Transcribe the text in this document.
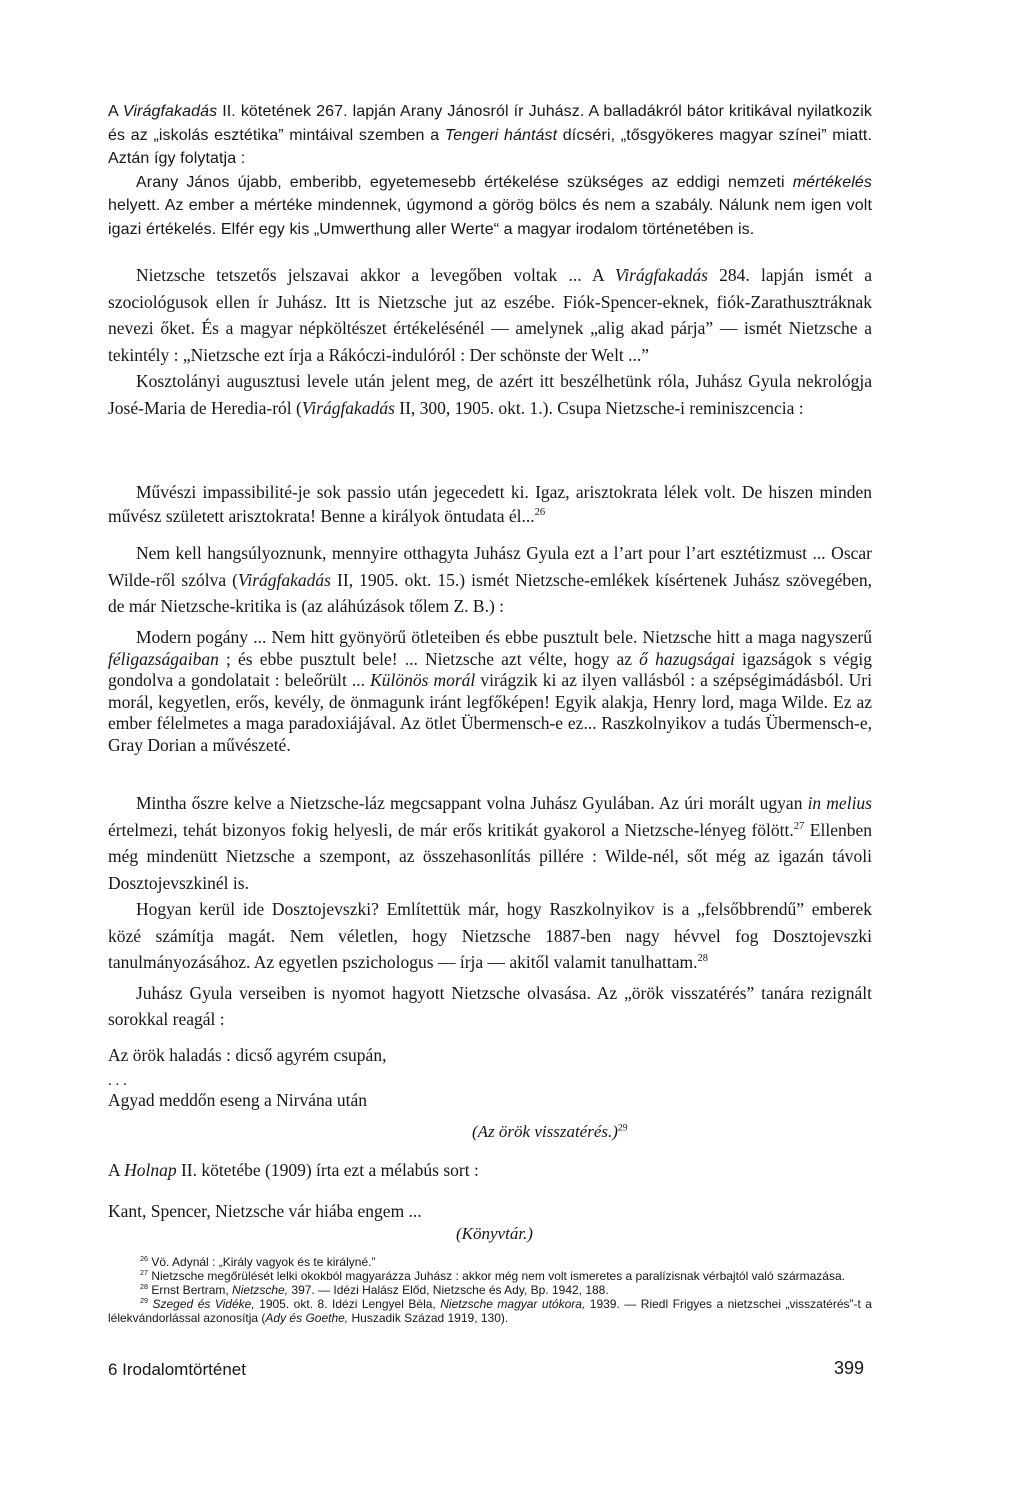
A Virágfakadás II. kötetének 267. lapján Arany Jánosról ír Juhász. A balladákról bátor kritikával nyilatkozik és az „iskolás esztétika” mintáival szemben a Tengeri hántást dícséri, „tősgyökeres magyar színei” miatt. Aztán így folytatja :

Arany János újabb, emberibb, egyetemesebb értékelése szükséges az eddigi nemzeti mértékelés helyett. Az ember a mértéke mindennek, úgymond a görög bölcs és nem a szabály. Nálunk nem igen volt igazi értékelés. Elfér egy kis „Umwerthung aller Werte“ a magyar irodalom történetében is.

Nietzsche tetszetős jelszavai akkor a levegőben voltak ... A Virágfakadás 284. lapján ismét a szociológusok ellen ír Juhász. Itt is Nietzsche jut az eszébe. Fiók-Spencer-eknek, fiók-Zarathusztráknak nevezi őket. És a magyar népköltészet értékelésénél — amelynek „alig akad párja” — ismét Nietzsche a tekintély : „Nietzsche ezt írja a Rákóczi-indulóról : Der schönste der Welt ...”

Kosztolányi augusztusi levele után jelent meg, de azért itt beszélhetünk róla, Juhász Gyula nekrológja José-Maria de Heredia-ról (Virágfakadás II, 300, 1905. okt. 1.). Csupa Nietzsche-i reminiszcencia :

Művészi impassibilité-je sok passio után jegecedett ki. Igaz, arisztokrata lélek volt. De hiszen minden művész született arisztokrata! Benne a királyok öntudata él...$^{26}$

Nem kell hangsúlyoznunk, mennyire otthagyta Juhász Gyula ezt a l’art pour l’art esztétizmust ... Oscar Wilde-ről szólva (Virágfakadás II, 1905. okt. 15.) ismét Nietzsche-emlékek kísértenek Juhász szövegében, de már Nietzsche-kritika is (az aláhúzások tőlem Z. B.) :

Modern pogány ... Nem hitt gyönyörű ötleteiben és ebbe pusztult bele. Nietzsche hitt a maga nagyszerű féligazságaiban ; és ebbe pusztult bele! ... Nietzsche azt vélte, hogy az ő hazugságai igazságok s végig gondolva a gondolatait : beleőrült ... Különös morál virágzik ki az ilyen vallásból : a szépségimádásból. Uri morál, kegyetlen, erős, kevély, de önmagunk iránt legfőképen! Egyik alakja, Henry lord, maga Wilde. Ez az ember félelmetes a maga paradoxiájával. Az ötlet Übermensch-e ez... Raszkolnyikov a tudás Übermensch-e, Gray Dorian a művészeté.

Mintha őszre kelve a Nietzsche-láz megcsappant volna Juhász Gyulában. Az úri morált ugyan in melius értelmezi, tehát bizonyos fokig helyesli, de már erős kritikát gyakorol a Nietzsche-lényeg fölött.$^{27}$ Ellenben még mindenütt Nietzsche a szempont, az összehasonlítás pillére : Wilde-nél, sőt még az igazán távoli Dosztojevszkinél is.

Hogyan kerül ide Dosztojevszki? Említettük már, hogy Raszkolnyikov is a „felsőbbrendű” emberek közé számítja magát. Nem véletlen, hogy Nietzsche 1887-ben nagy hévvel fog Dosztojevszki tanulmányozásához. Az egyetlen pszichologus — írja — akitől valamit tanulhattam.$^{28}$

Juhász Gyula verseiben is nyomot hagyott Nietzsche olvasása. Az „örök visszatérés” tanára rezignált sorokkal reagál :

Az örök haladás : dicső agyrém csupán,
. . .
Agyad meddőn eseng a Nirvána után
(Az örök visszatérés.)$^{29}$

A Holnap II. kötetébe (1909) írta ezt a mélabús sort :

Kant, Spencer, Nietzsche vár hiába engem ...
(Könyvtár.)

$^{26}$ Vö. Adynál : „Király vagyok és te királyné.”

$^{27}$ Nietzsche megőrülését lelki okokból magyarázza Juhász : akkor még nem volt ismeretes a paralízisnak vérbajtól való származása.

$^{28}$ Ernst Bertram, Nietzsche, 397. — Idézi Halász Előd, Nietzsche és Ady, Bp. 1942, 188.

$^{29}$ Szeged és Vidéke, 1905. okt. 8. Idézi Lengyel Béla, Nietzsche magyar utókora, 1939. — Riedl Frigyes a nietzschei „visszatérés”-t a lélekvándorlással azonosítja (Ady és Goethe, Huszadik Század 1919, 130).

6 Irodalomtörténet	399
